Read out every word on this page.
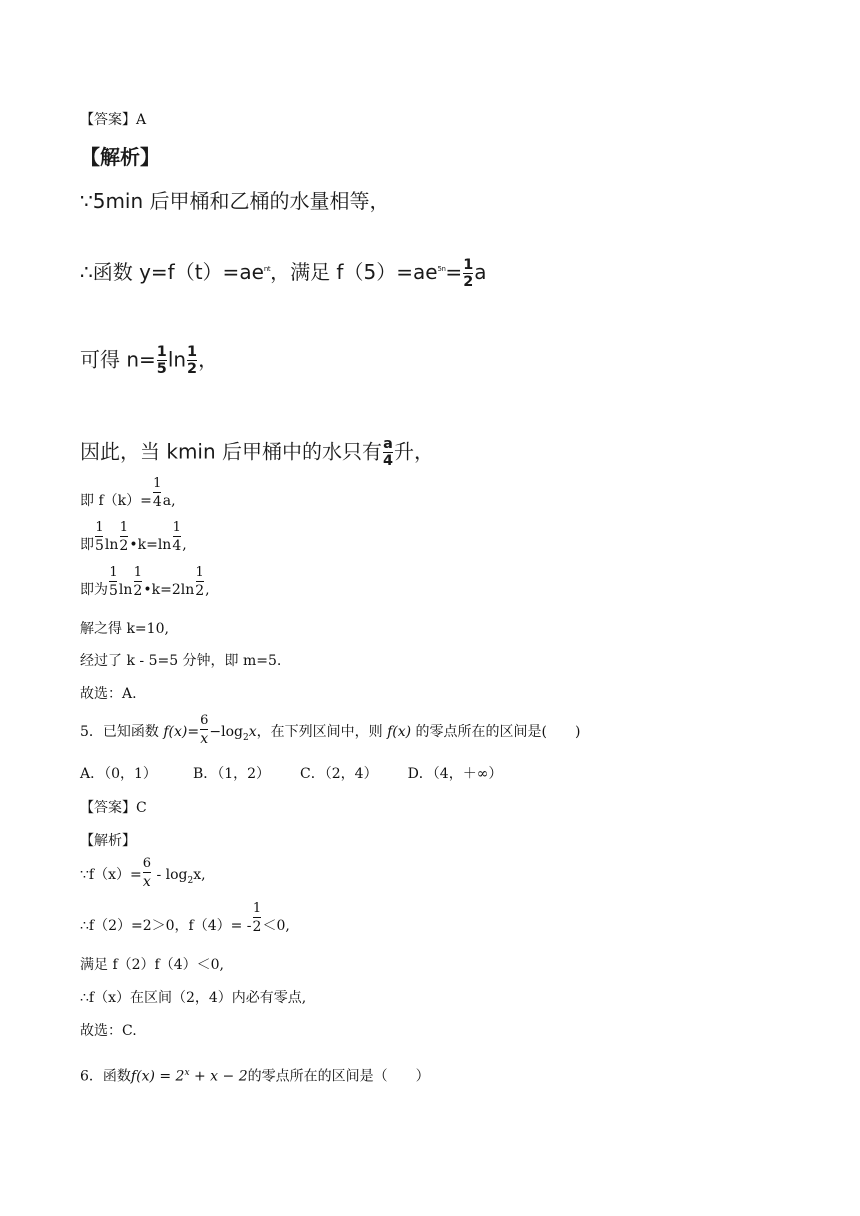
【答案】A
【解析】
∵5min 后甲桶和乙桶的水量相等，
∴函数 $y=f(t)=ae^{nt}$，满足 $f(5)=ae^{5n}= \frac{1}{2}$ a
可得 $n= \frac{1}{5}$ $\ln \frac{1}{2}$ ，
因此，当 kmin 后甲桶中的水只有 $\frac{a}{4}$ 升，
即 $f(k)= \frac{1}{4} a$,
即 $\frac{1}{5}$ $\ln \frac{1}{2}$ •k=ln $\frac{1}{4}$ ,
即为 $\frac{1}{5}$ $\ln \frac{1}{2}$ •k=2ln $\frac{1}{2}$ ,
解之得 k=10,
经过了 k - 5=5 分钟，即 m=5.
故选：A.
5．已知函数 $f(x)= \frac{6}{x} -\log_2x$，在下列区间中，则 f(x) 的零点所在的区间是(　　)
A．（0，1）	B．（1，2） C．（2，4） D．（4，＋∞）
【答案】C
【解析】
∵f（x）= $\frac{6}{x} - \log_2x$,
∴f（2）=2＞0，$f(4)= - \frac{1}{2} <0$,
满足 f（2）f（4）＜0,
∴f（x）在区间（2，4）内必有零点,
故选：C.
6．函数$f(x) = 2^x + x - 2$的零点所在的区间是（　　）
